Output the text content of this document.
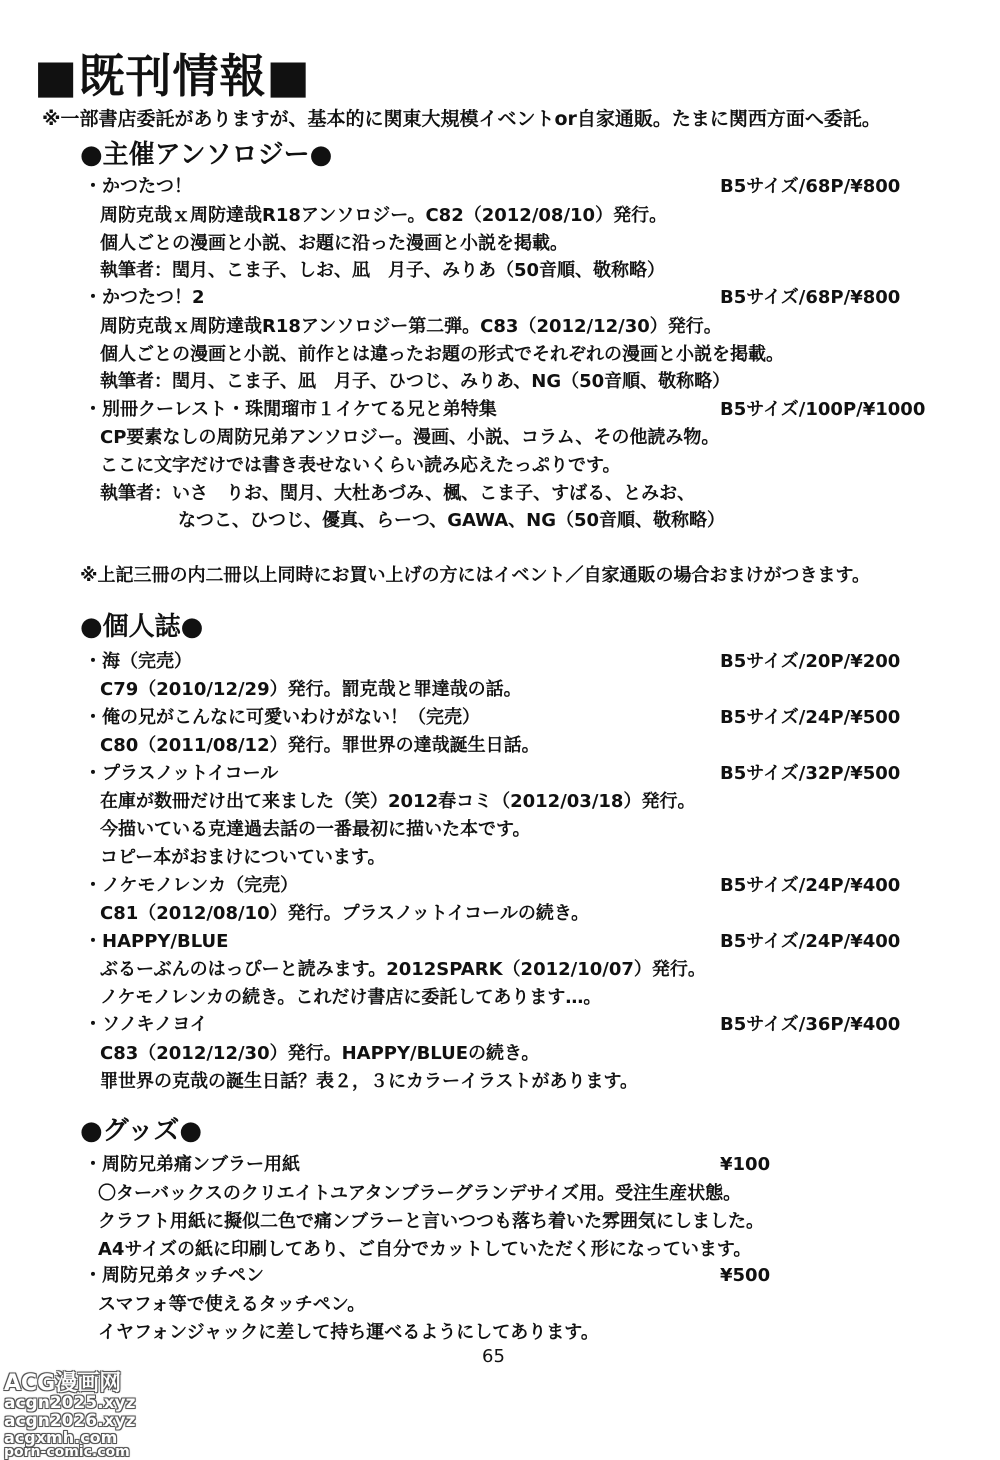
■既刊情報■
※一部書店委託がありますが、基本的に関東大規模イベントor自家通販。たまに関西方面へ委託。
●主催アンソロジー●
・かつたつ！	B5サイズ/68P/¥800
周防克哉ｘ周防達哉R18アンソロジー。C82（2012/08/10）発行。
個人ごとの漫画と小説、お題に沿った漫画と小説を掲載。
執筆者：閏月、こま子、しお、凪　月子、みりあ（50音順、敬称略）
・かつたつ！2	B5サイズ/68P/¥800
周防克哉ｘ周防達哉R18アンソロジー第二弾。C83（2012/12/30）発行。
個人ごとの漫画と小説、前作とは違ったお題の形式でそれぞれの漫画と小説を掲載。
執筆者：閏月、こま子、凪　月子、ひつじ、みりあ、NG（50音順、敬称略）
・別冊クーレスト・珠閒瑠市１イケてる兄と弟特集	B5サイズ/100P/¥1000
CP要素なしの周防兄弟アンソロジー。漫画、小説、コラム、その他読み物。
ここに文字だけでは書き表せないくらい読み応えたっぷりです。
執筆者：いさ　りお、閏月、大杜あづみ、楓、こま子、すばる、とみお、
なつこ、ひつじ、優真、らーつ、GAWA、NG（50音順、敬称略）
※上記三冊の内二冊以上同時にお買い上げの方にはイベント／自家通販の場合おまけがつきます。
●個人誌●
・海（完売）	B5サイズ/20P/¥200
C79（2010/12/29）発行。罰克哉と罪達哉の話。
・俺の兄がこんなに可愛いわけがない！（完売）	B5サイズ/24P/¥500
C80（2011/08/12）発行。罪世界の達哉誕生日話。
・プラスノットイコール	B5サイズ/32P/¥500
在庫が数冊だけ出て来ました（笑）2012春コミ（2012/03/18）発行。
今描いている克達過去話の一番最初に描いた本です。
コピー本がおまけについています。
・ノケモノレンカ（完売）	B5サイズ/24P/¥400
C81（2012/08/10）発行。プラスノットイコールの続き。
・HAPPY/BLUE	B5サイズ/24P/¥400
ぶるーぶんのはっぴーと読みます。2012SPARK（2012/10/07）発行。
ノケモノレンカの続き。これだけ書店に委託してあります…。
・ソノキノヨイ	B5サイズ/36P/¥400
C83（2012/12/30）発行。HAPPY/BLUEの続き。
罪世界の克哉の誕生日話？表２，３にカラーイラストがあります。
●グッズ●
・周防兄弟痛ンブラー用紙	¥100
〇ターバックスのクリエイトユアタンブラーグランデサイズ用。受注生産状態。
クラフト用紙に擬似二色で痛ンブラーと言いつつも落ち着いた雰囲気にしました。
A4サイズの紙に印刷してあり、ご自分でカットしていただく形になっています。
・周防兄弟タッチペン	¥500
スマフォ等で使えるタッチペン。
イヤフォンジャックに差して持ち運べるようにしてあります。
65
ACG漫画网
acgn2025.xyz
acgn2026.xyz
acgxmh.com
porn-comic.com
